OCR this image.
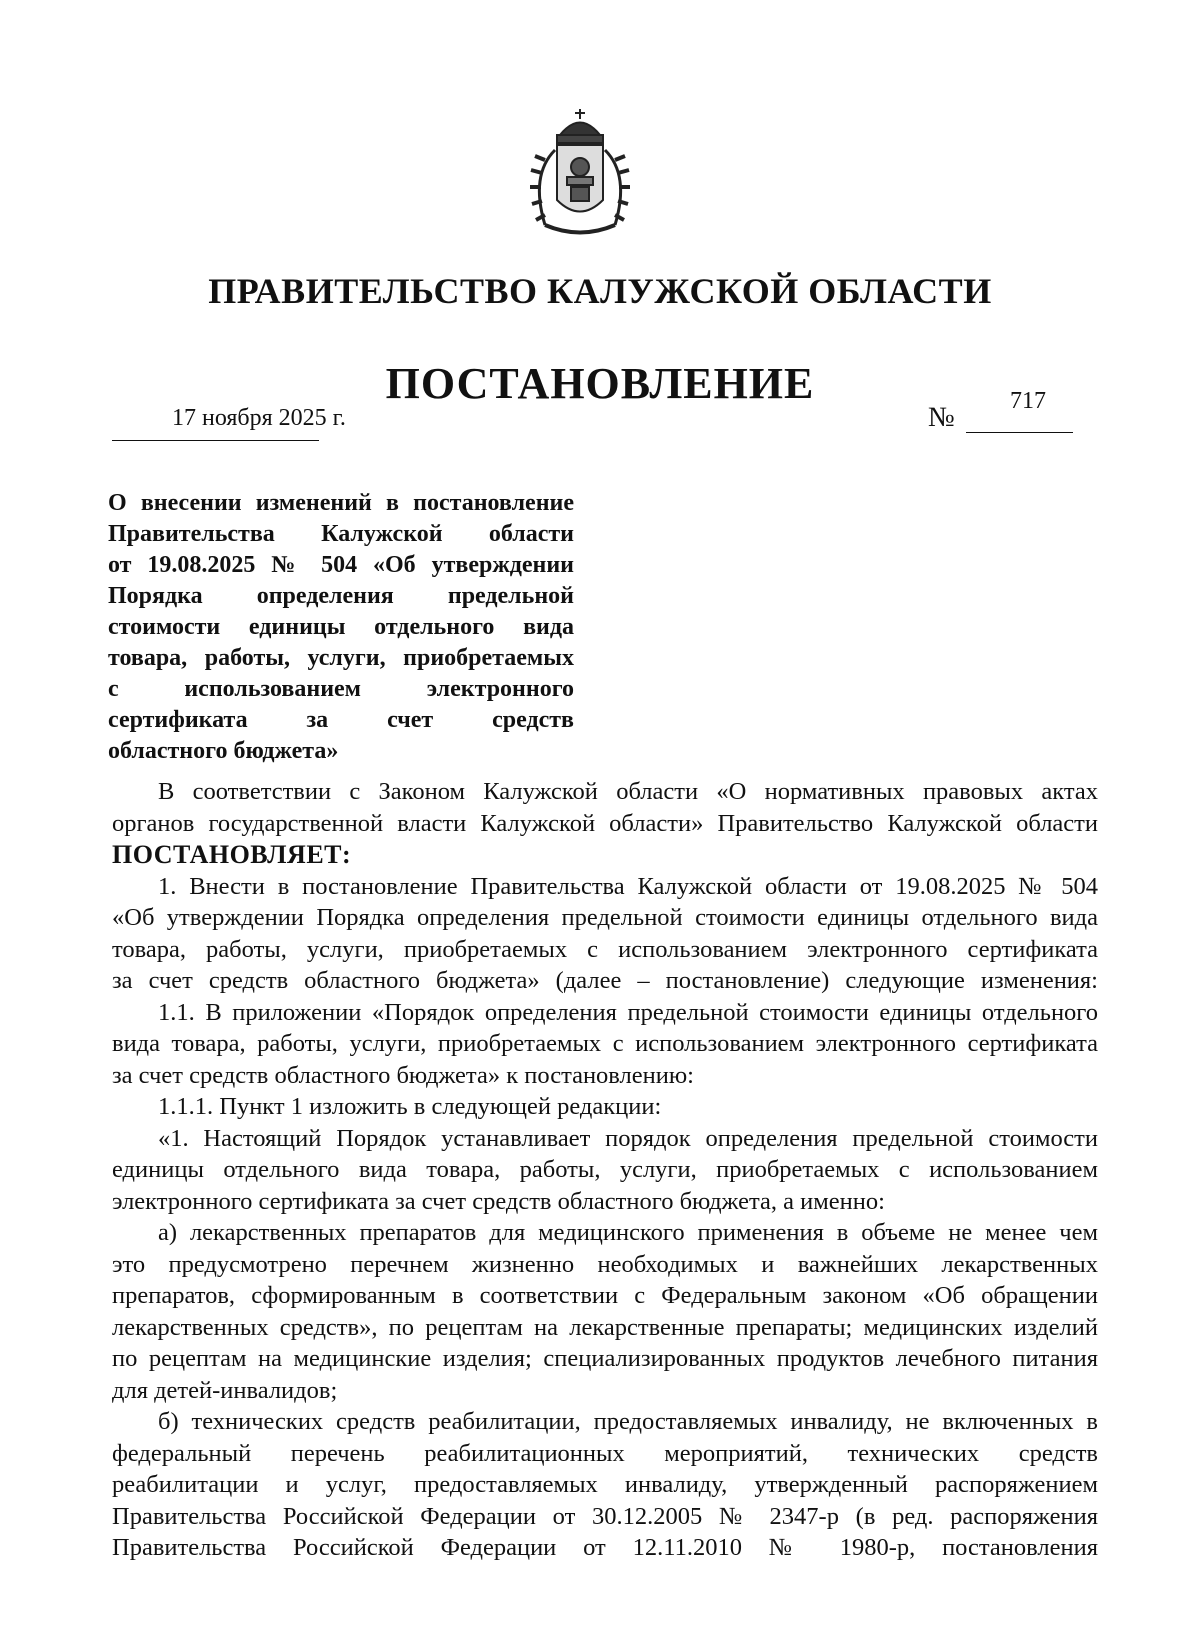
ПРАВИТЕЛЬСТВО КАЛУЖСКОЙ ОБЛАСТИ
ПОСТАНОВЛЕНИЕ
17 ноября 2025 г.	№
717
О внесении изменений в постановление
Правительства Калужской области
от 19.08.2025 № 504 «Об утверждении
Порядка определения предельной
стоимости единицы отдельного вида
товара, работы, услуги, приобретаемых
с использованием электронного
сертификата за счет средств
областного бюджета»
В соответствии с Законом Калужской области «О нормативных правовых актах
органов государственной власти Калужской области» Правительство Калужской области
ПОСТАНОВЛЯЕТ:
1. Внести в постановление Правительства Калужской области от 19.08.2025 № 504
«Об утверждении Порядка определения предельной стоимости единицы отдельного вида
товара, работы, услуги, приобретаемых с использованием электронного сертификата
за счет средств областного бюджета» (далее – постановление) следующие изменения:
1.1. В приложении «Порядок определения предельной стоимости единицы отдельного
вида товара, работы, услуги, приобретаемых с использованием электронного сертификата
за счет средств областного бюджета» к постановлению:
1.1.1. Пункт 1 изложить в следующей редакции:
«1. Настоящий Порядок устанавливает порядок определения предельной стоимости
единицы отдельного вида товара, работы, услуги, приобретаемых с использованием
электронного сертификата за счет средств областного бюджета, а именно:
а) лекарственных препаратов для медицинского применения в объеме не менее чем
это предусмотрено перечнем жизненно необходимых и важнейших лекарственных
препаратов, сформированным в соответствии с Федеральным законом «Об обращении
лекарственных средств», по рецептам на лекарственные препараты; медицинских изделий
по рецептам на медицинские изделия; специализированных продуктов лечебного питания
для детей-инвалидов;
б) технических средств реабилитации, предоставляемых инвалиду, не включенных в
федеральный перечень реабилитационных мероприятий, технических средств
реабилитации и услуг, предоставляемых инвалиду, утвержденный распоряжением
Правительства Российской Федерации от 30.12.2005 № 2347-р (в ред. распоряжения
Правительства Российской Федерации от 12.11.2010 № 1980-р, постановления
